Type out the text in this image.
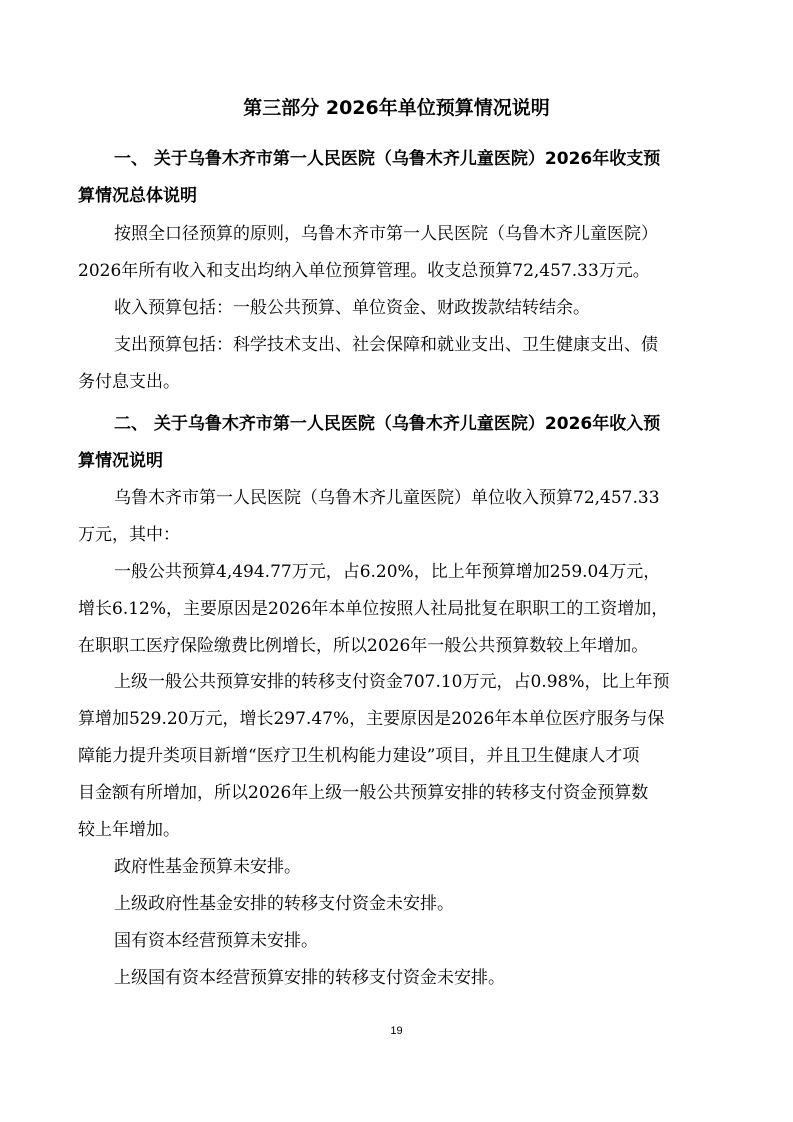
第三部分 2026年单位预算情况说明
一、 关于乌鲁木齐市第一人民医院（乌鲁木齐儿童医院）2026年收支预
算情况总体说明
按照全口径预算的原则，乌鲁木齐市第一人民医院（乌鲁木齐儿童医院）
2026年所有收入和支出均纳入单位预算管理。收支总预算72,457.33万元。
收入预算包括：一般公共预算、单位资金、财政拨款结转结余。
支出预算包括：科学技术支出、社会保障和就业支出、卫生健康支出、债
务付息支出。
二、 关于乌鲁木齐市第一人民医院（乌鲁木齐儿童医院）2026年收入预
算情况说明
乌鲁木齐市第一人民医院（乌鲁木齐儿童医院）单位收入预算72,457.33
万元，其中：
一般公共预算4,494.77万元，占6.20%，比上年预算增加259.04万元，
增长6.12%，主要原因是2026年本单位按照人社局批复在职职工的工资增加，
在职职工医疗保险缴费比例增长，所以2026年一般公共预算数较上年增加。
上级一般公共预算安排的转移支付资金707.10万元，占0.98%，比上年预
算增加529.20万元，增长297.47%，主要原因是2026年本单位医疗服务与保
障能力提升类项目新增“医疗卫生机构能力建设”项目，并且卫生健康人才项
目金额有所增加，所以2026年上级一般公共预算安排的转移支付资金预算数
较上年增加。
政府性基金预算未安排。
上级政府性基金安排的转移支付资金未安排。
国有资本经营预算未安排。
上级国有资本经营预算安排的转移支付资金未安排。
19
